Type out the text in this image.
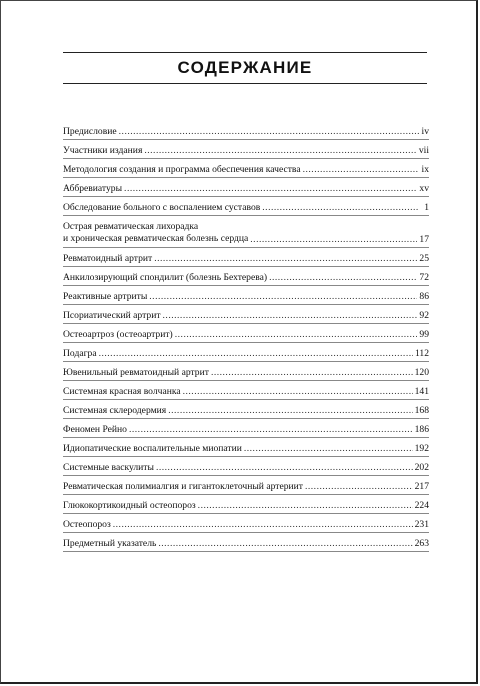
СОДЕРЖАНИЕ
Предисловие .....	iv
Участники издания .....	vii
Методология создания и программа обеспечения качества .....	ix
Аббревиатуры .....	xv
Обследование больного с воспалением суставов .....	1
Острая ревматическая лихорадка
и хроническая ревматическая болезнь сердца .....	17
Ревматоидный артрит .....	25
Анкилозирующий спондилит (болезнь Бехтерева) .....	72
Реактивные артриты .....	86
Псориатический артрит .....	92
Остеоартроз (остеоартрит) .....	99
Подагра .....	112
Ювенильный ревматоидный артрит .....	120
Системная красная волчанка .....	141
Системная склеродермия .....	168
Феномен Рейно .....	186
Идиопатические воспалительные миопатии .....	192
Системные васкулиты .....	202
Ревматическая полимиалгия и гигантоклеточный артериит .....	217
Глюкокортикоидный остеопороз .....	224
Остеопороз .....	231
Предметный указатель .....	263
